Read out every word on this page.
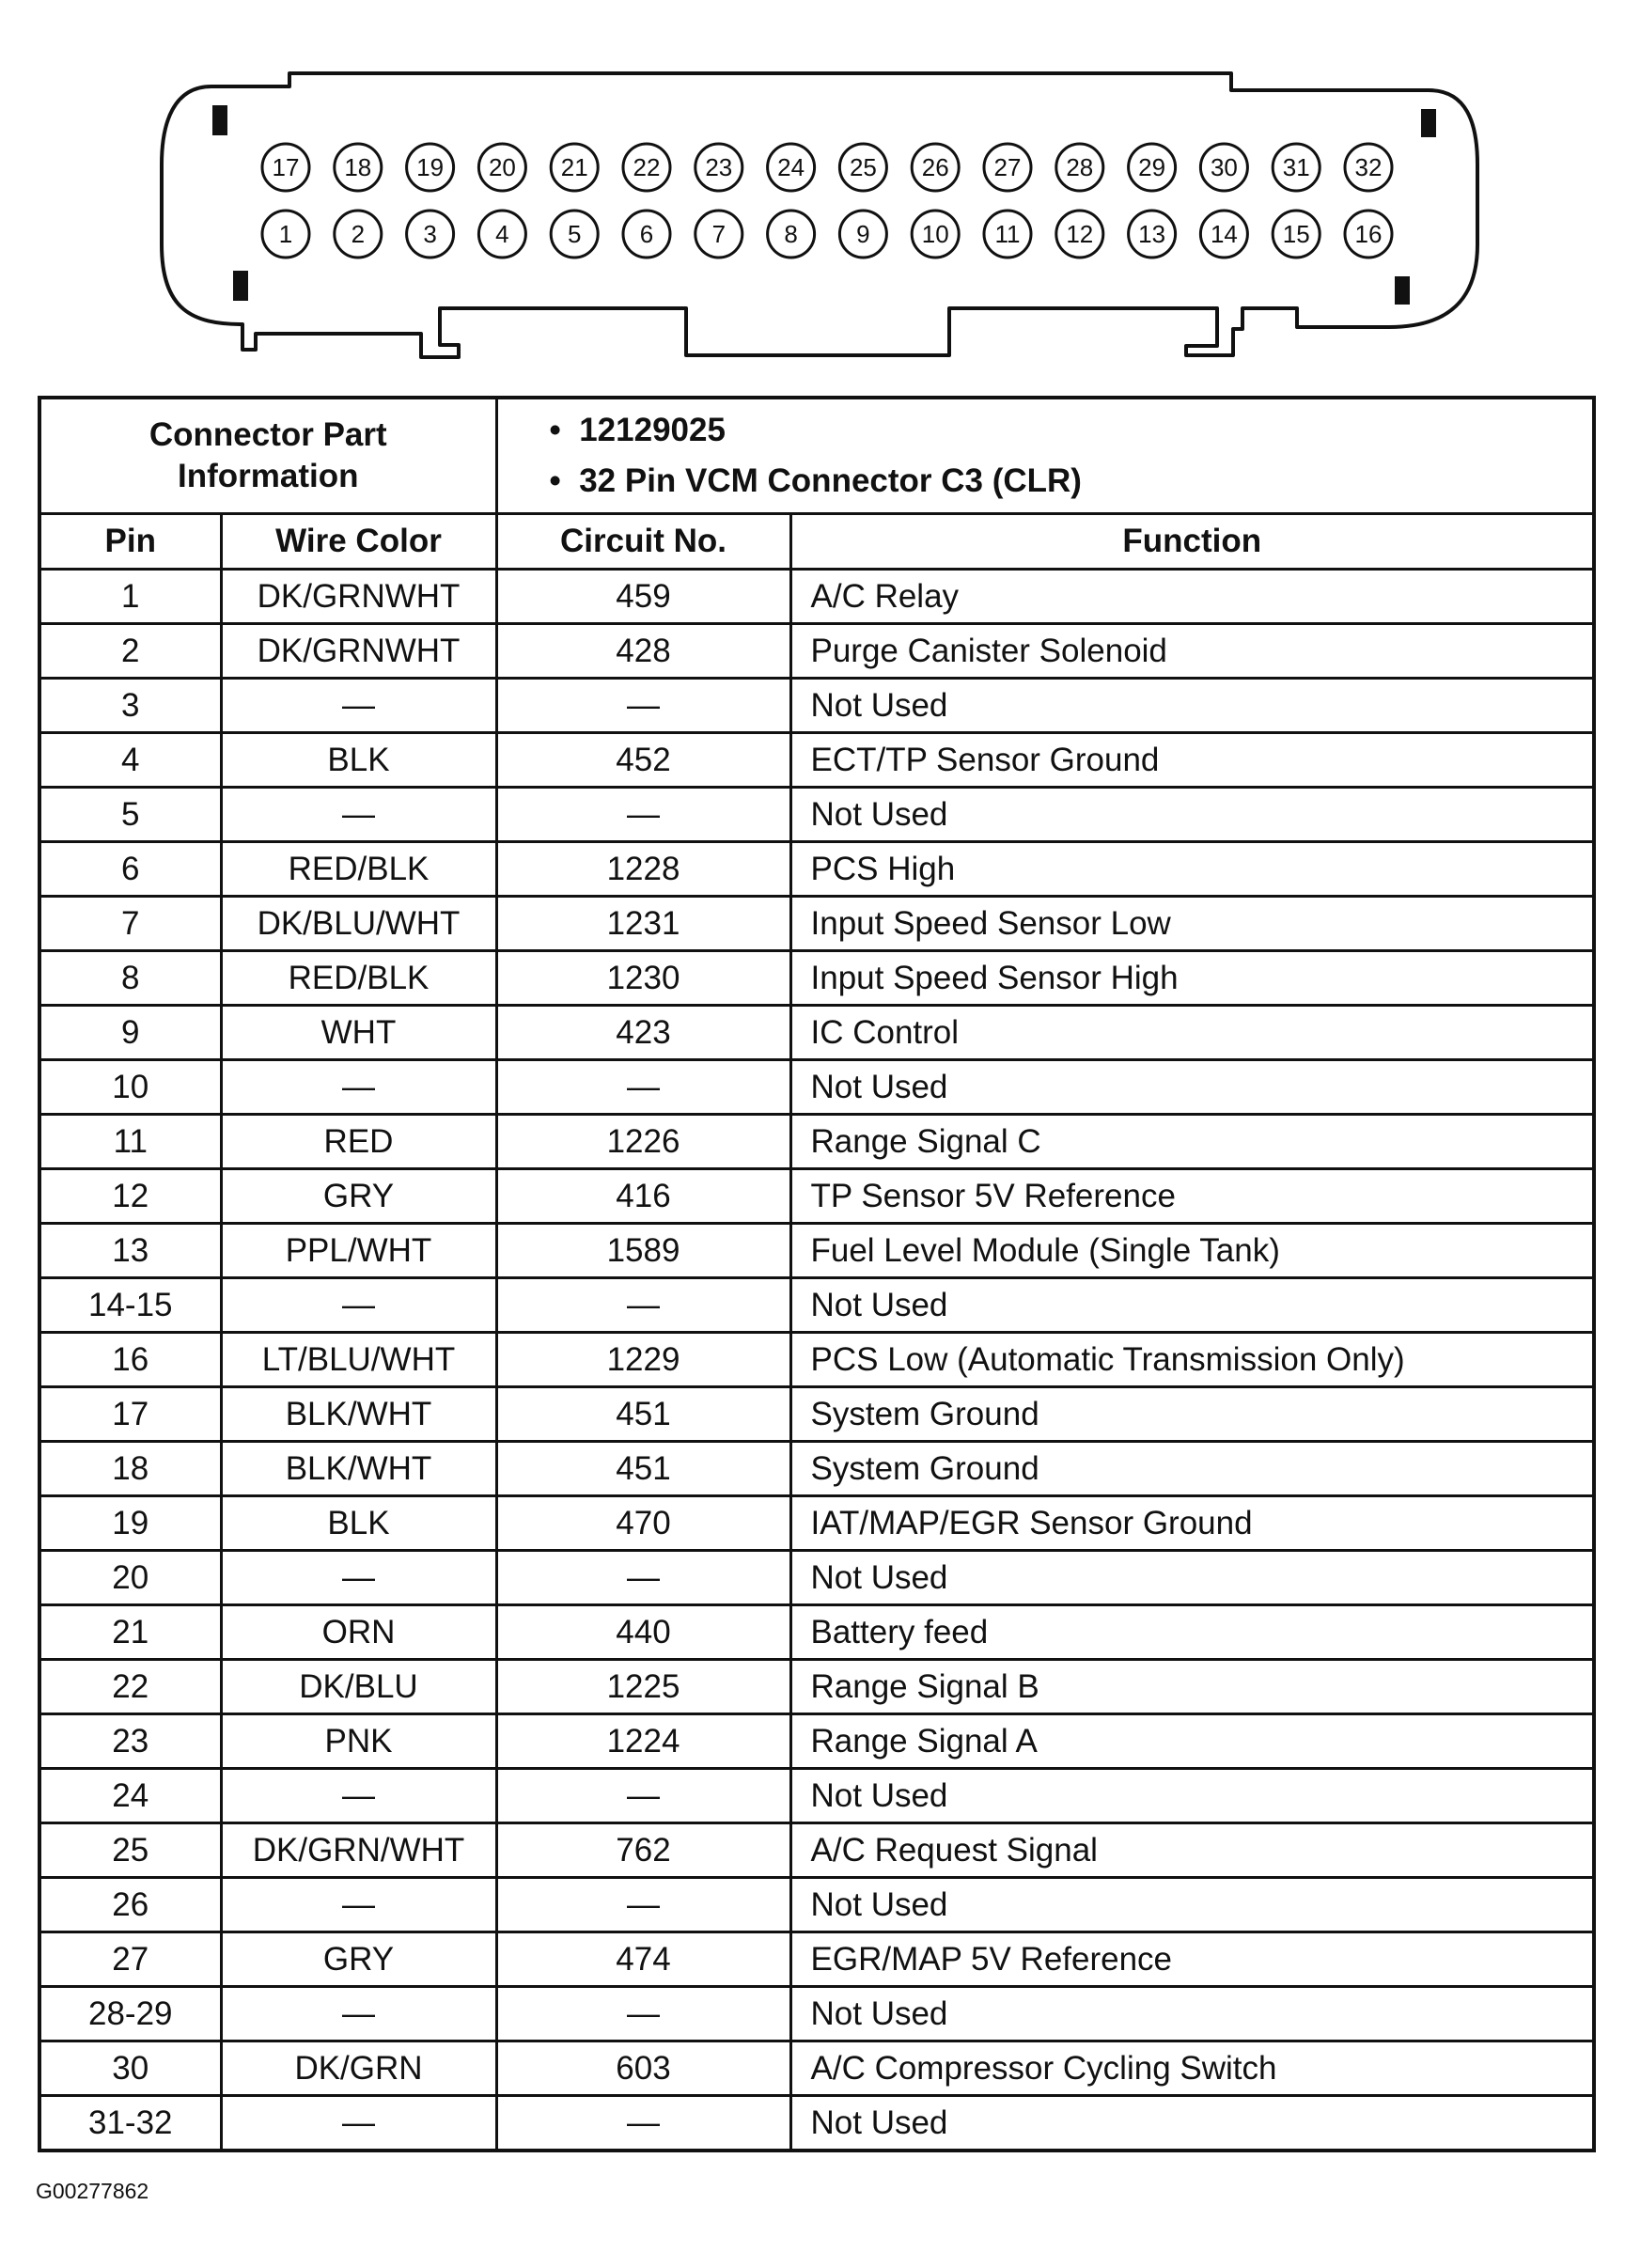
17 18 19 20 21 22 23 24 25 26 27 28 29 30 31 32
1 2 3 4 5 6 7 8 9 10 11 12 13 14 15 16
Connector Part
Information		•  12129025
•  32 Pin VCM Connector C3 (CLR)	

Pin	Wire Color	Circuit No.	Function
1	DK/GRNWHT	459	A/C Relay
2	DK/GRNWHT	428	Purge Canister Solenoid
3	—	—	Not Used
4	BLK	452	ECT/TP Sensor Ground
5	—	—	Not Used
6	RED/BLK	1228	PCS High
7	DK/BLU/WHT	1231	Input Speed Sensor Low
8	RED/BLK	1230	Input Speed Sensor High
9	WHT	423	IC Control
10	—	—	Not Used
11	RED	1226	Range Signal C
12	GRY	416	TP Sensor 5V Reference
13	PPL/WHT	1589	Fuel Level Module (Single Tank)
14-15	—	—	Not Used
16	LT/BLU/WHT	1229	PCS Low (Automatic Transmission Only)
17	BLK/WHT	451	System Ground
18	BLK/WHT	451	System Ground
19	BLK	470	IAT/MAP/EGR Sensor Ground
20	—	—	Not Used
21	ORN	440	Battery feed
22	DK/BLU	1225	Range Signal B
23	PNK	1224	Range Signal A
24	—	—	Not Used
25	DK/GRN/WHT	762	A/C Request Signal
26	—	—	Not Used
27	GRY	474	EGR/MAP 5V Reference
28-29	—	—	Not Used
30	DK/GRN	603	A/C Compressor Cycling Switch
31-32	—	—	Not Used
G00277862
